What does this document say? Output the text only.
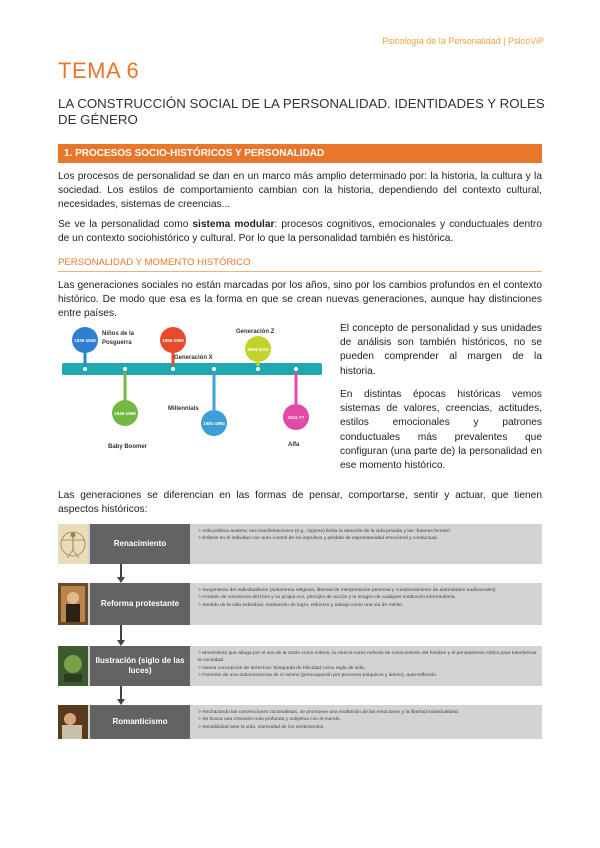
Psicología de la Personalidad | PsicoViP
TEMA 6
LA CONSTRUCCIÓN SOCIAL DE LA PERSONALIDAD. IDENTIDADES Y ROLES DE GÉNERO
1. PROCESOS SOCIO-HISTÓRICOS Y PERSONALIDAD
Los procesos de personalidad se dan en un marco más amplio determinado por: la historia, la cultura y la sociedad. Los estilos de comportamiento cambian con la historia, dependiendo del contexto cultural, necesidades, sistemas de creencias...
Se ve la personalidad como sistema modular: procesos cognitivos, emocionales y conductuales dentro de un contexto sociohistórico y cultural. Por lo que la personalidad también es histórica.
PERSONALIDAD Y MOMENTO HISTÓRICO
Las generaciones sociales no están marcadas por los años, sino por los cambios profundos en el contexto histórico. De modo que esa es la forma en que se crean nuevas generaciones, aunque hay distinciones entre países.
1930-1948
1949-1968
1969-1980
1981-1993
1994-2010
2011-??
Niños de la
Posguerra
Baby Boomer
Generación X
Millennials
Generación Z
Alfa
El concepto de personalidad y sus unidades de análisis son también históricos, no se pueden comprender al margen de la historia.
En distintas épocas históricas vemos sistemas de valores, creencias, actitudes, estilos emocionales y patrones conductuales más prevalentes que configuran (una parte de) la personalidad en ese momento histórico.
Las generaciones se diferencian en las formas de pensar, comportarse, sentir y actuar, que tienen aspectos históricos:
Renacimiento
> Vida pública austera: sus manifestaciones (e.g., higiene) limita la atención de la vida privada y las "buenas formas".
> Énfasis en el individuo con auto-control de los impulsos y pérdida de espontaneidad emocional y conductual.
Reforma protestante
> Surgimiento del individualismo (autonomía religiosa, libertad de interpretación personal y cuestionamiento de autoridades tradicionales).
> A través de conciencia del Dios y su propia voz, principio de acción y la imagen de cualquier institución intermediaria.
> Sentido de la vida individual, motivación de logro, esfuerzo y trabajo como una vía de mérito.
Ilustración (siglo de las luces)
> Movimiento que aboga por el uso de la razón como criterio, la ciencia como método de conocimiento del hombre y el pensamiento crítico para transformar la sociedad.
> Nueva concepción de derechos: búsqueda de felicidad como regla de vida.
> Fomento de una autoconciencia de sí mismo (preocupación por procesos psíquicos y ánimo), auto-reflexión.
Romanticismo
> Rechazando las convenciones racionalistas, se promueve una exaltación de las emociones y la libertad individualidad.
> Se busca una conexión más profunda y subjetiva con el mundo.
> Sensibilidad ante la vida, intensidad de los sentimientos.
